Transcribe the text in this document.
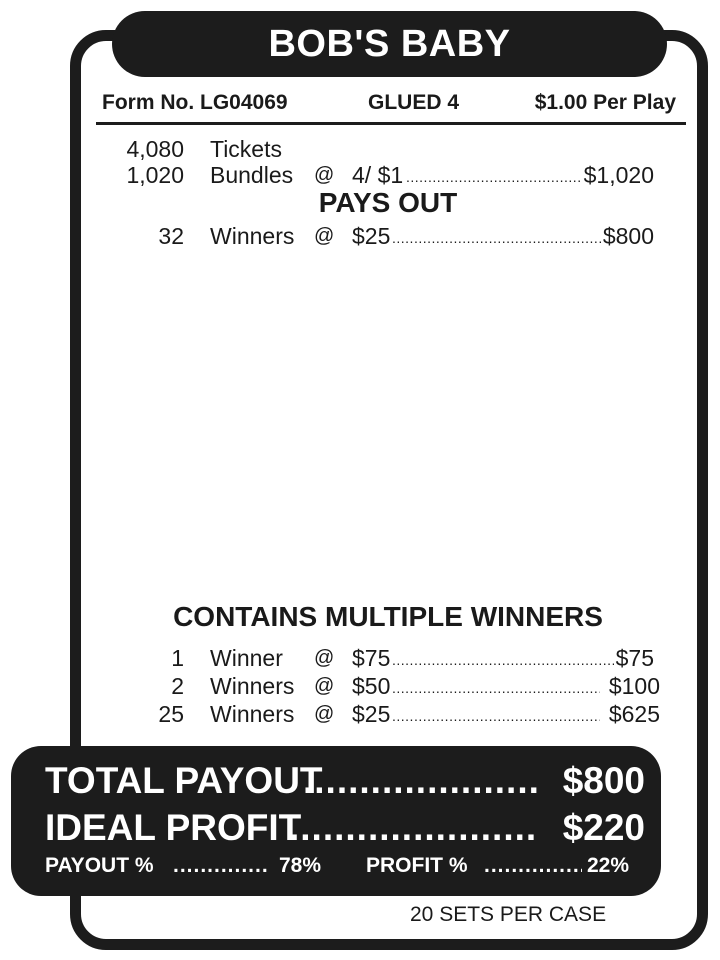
BOB'S BABY
Form No. LG04069	GLUED 4	$1.00 Per Play
4,080 Tickets
1,020 Bundles @ 4/ $1 .....	$1,020
PAYS OUT
32 Winners @ $25 .....	$800
CONTAINS MULTIPLE WINNERS
1 Winner @ $75 .....	$75
2 Winners @ $50 .....	$100
25 Winners @ $25 .....	$625
TOTAL PAYOUT .....	$800
IDEAL PROFIT .....	$220
PAYOUT % .....	78% PROFIT % .....	22%
20 SETS PER CASE
